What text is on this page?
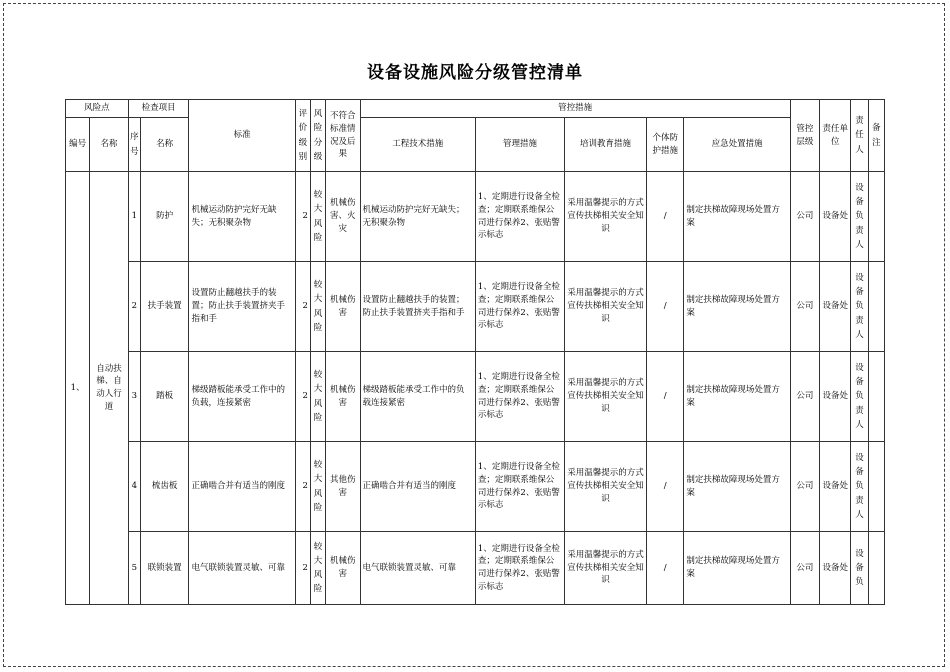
设备设施风险分级管控清单
风险点		检查项目		标准	评价级别	风险分级	不符合标准情况及后果	管控措施					管控层级	责任单位	责任人	备注
编号	名称	序号	名称					工程技术措施	管理措施	培训教育措施	个体防护措施	应急处置措施				
1、	自动扶梯、自动人行道	1	防护	机械运动防护完好无缺失；无积聚杂物	2	较大风险	机械伤害、火灾	机械运动防护完好无缺失；无积聚杂物	1、定期进行设备全检查；定期联系维保公司进行保养2、张贴警示标志	采用温馨提示的方式宣传扶梯相关安全知识	/	制定扶梯故障现场处置方案	公司	设备处	设备负责人	
		2	扶手装置	设置防止翻越扶手的装置；防止扶手装置挤夹手指和手	2	较大风险	机械伤害	设置防止翻越扶手的装置；防止扶手装置挤夹手指和手	1、定期进行设备全检查；定期联系维保公司进行保养2、张贴警示标志	采用温馨提示的方式宣传扶梯相关安全知识	/	制定扶梯故障现场处置方案	公司	设备处	设备负责人	
		3	踏板	梯级踏板能承受工作中的负载，连接紧密	2	较大风险	机械伤害	梯级踏板能承受工作中的负载连接紧密	1、定期进行设备全检查；定期联系维保公司进行保养2、张贴警示标志	采用温馨提示的方式宣传扶梯相关安全知识	/	制定扶梯故障现场处置方案	公司	设备处	设备负责人	
		4	梳齿板	正确啮合并有适当的刚度	2	较大风险	其他伤害	正确啮合并有适当的刚度	1、定期进行设备全检查；定期联系维保公司进行保养2、张贴警示标志	采用温馨提示的方式宣传扶梯相关安全知识	/	制定扶梯故障现场处置方案	公司	设备处	设备负责人	
		5	联锁装置	电气联锁装置灵敏、可靠	2	较大风险	机械伤害	电气联锁装置灵敏、可靠	1、定期进行设备全检查；定期联系维保公司进行保养2、张贴警示标志	采用温馨提示的方式宣传扶梯相关安全知识	/	制定扶梯故障现场处置方案	公司	设备处	设备负	
